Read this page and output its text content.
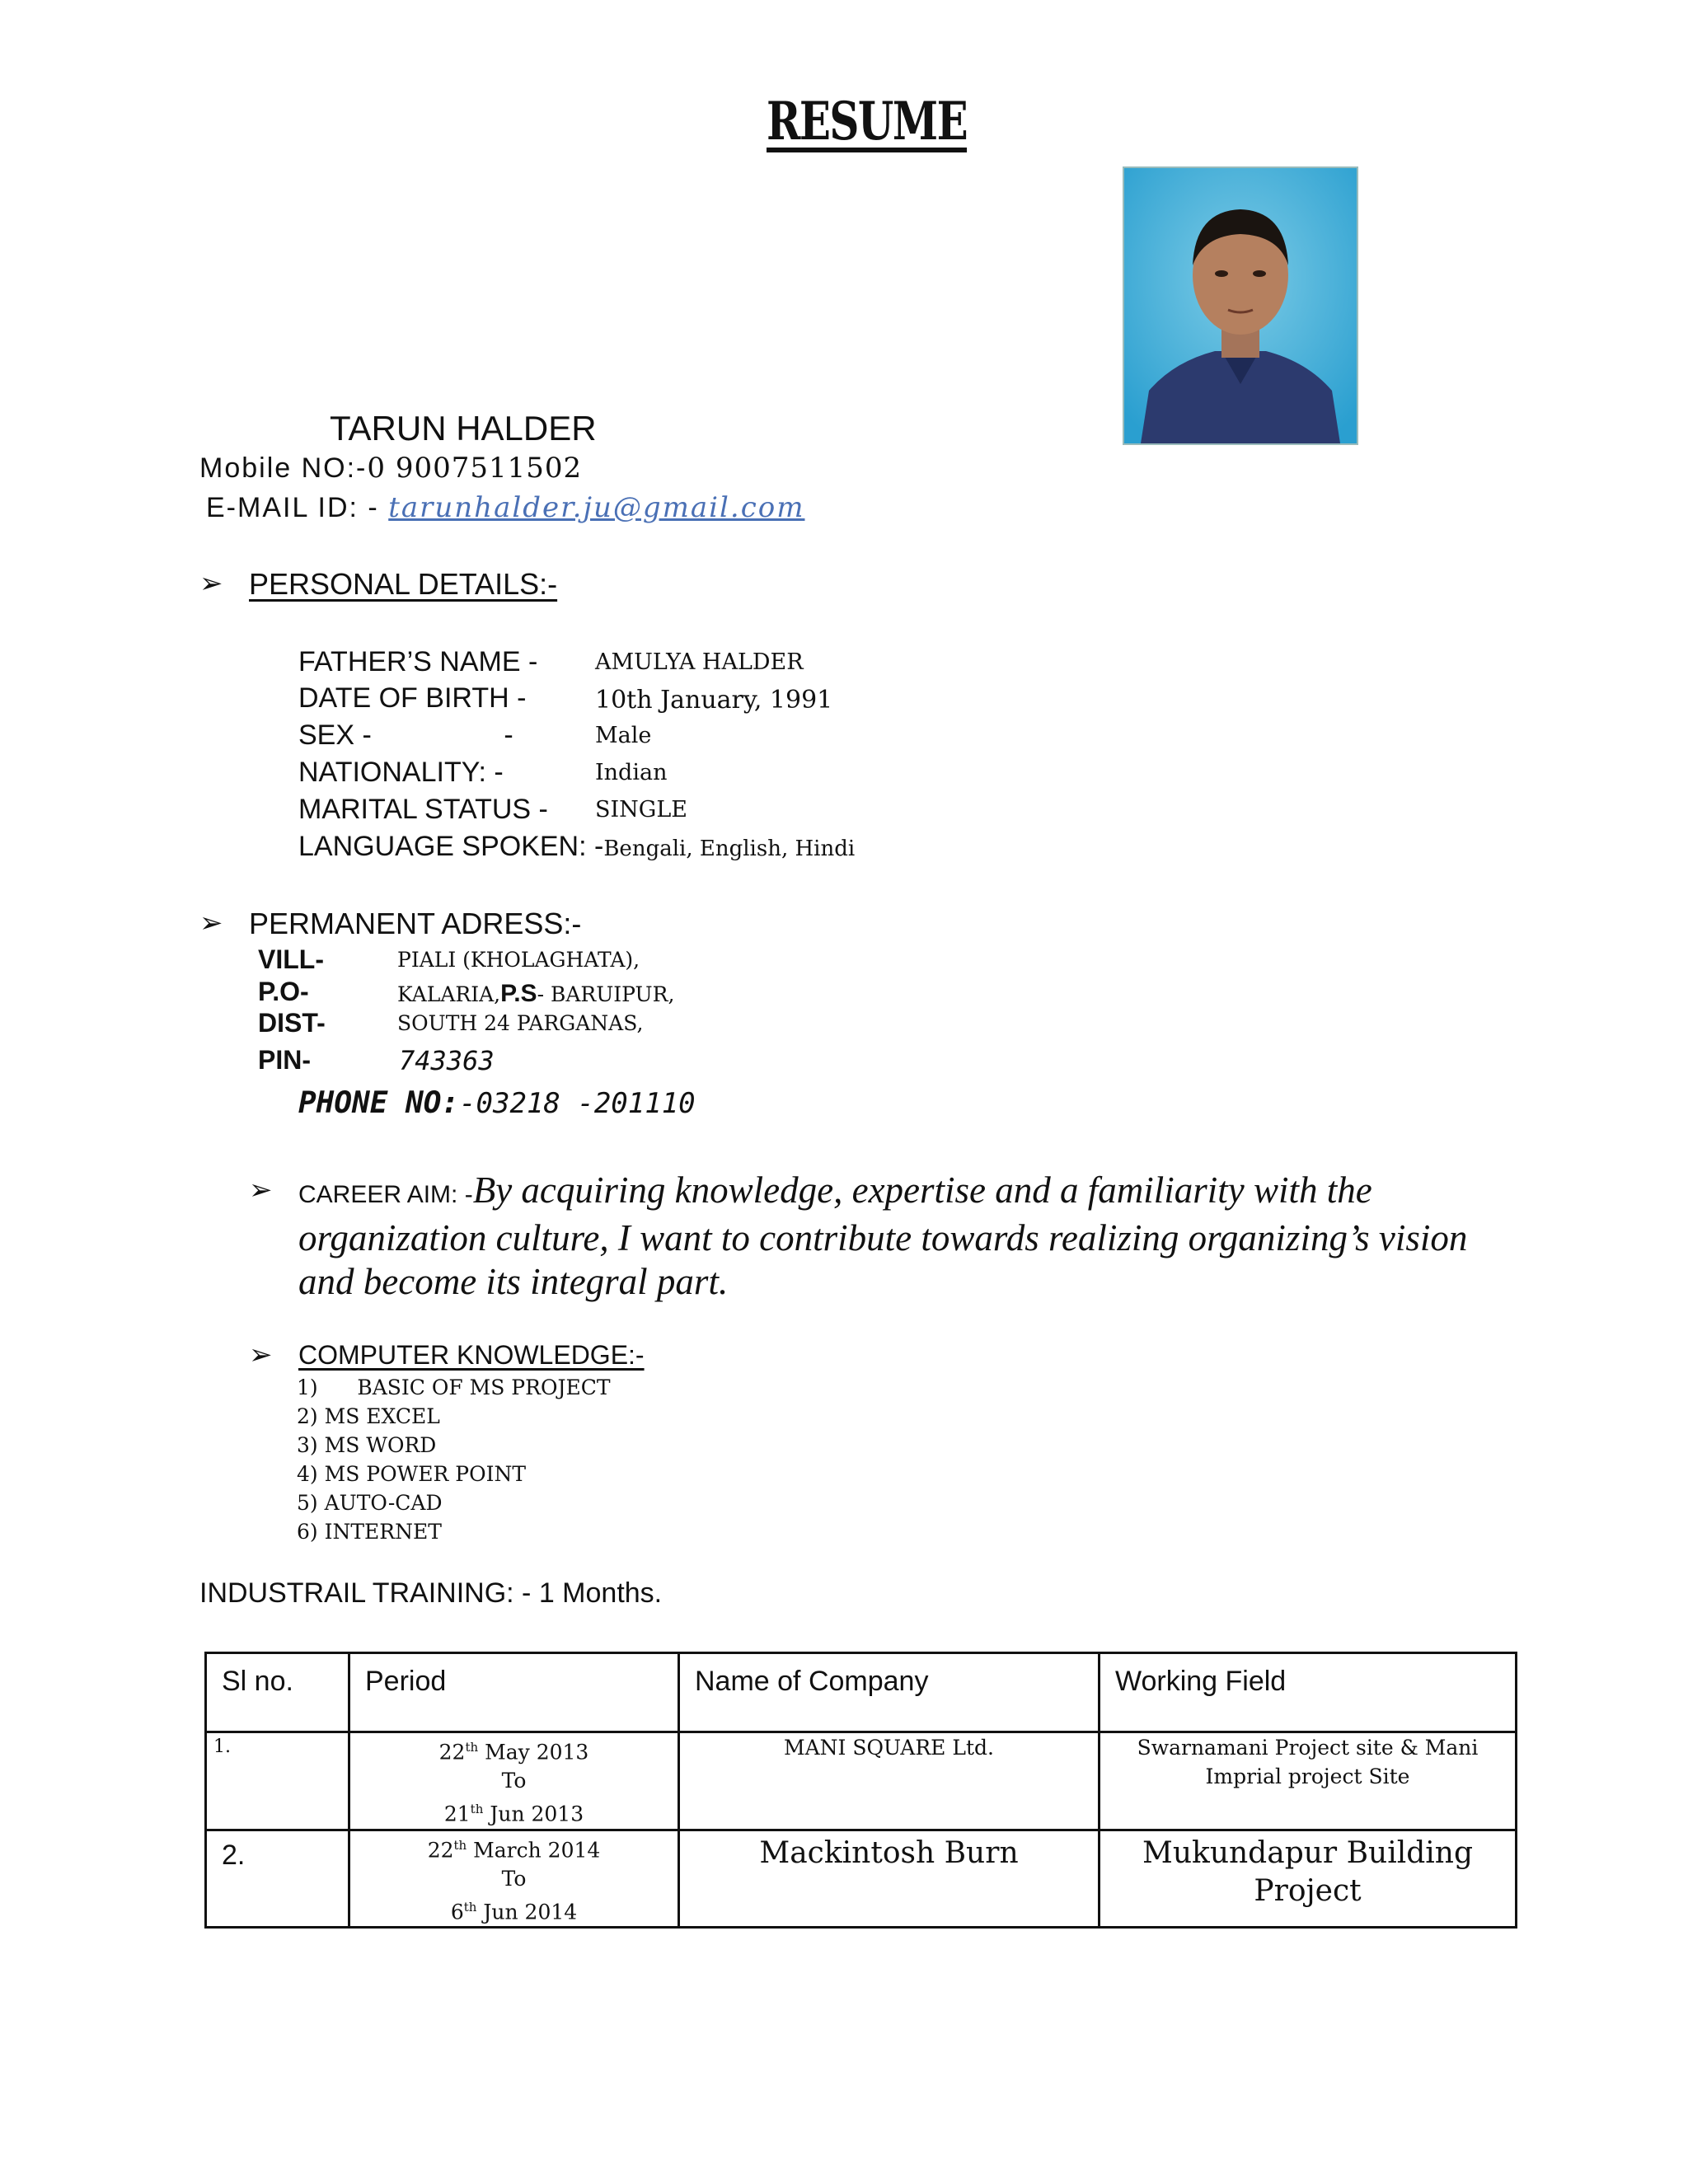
RESUME
TARUN HALDER
Mobile NO:-0 9007511502
E-MAIL ID: - tarunhalder.ju@gmail.com
➢ PERSONAL DETAILS:-
FATHER’S NAME -	AMULYA HALDER
DATE OF BIRTH -	10th January, 1991
SEX -                 -	Male
NATIONALITY: -	Indian
MARITAL STATUS - SINGLE
LANGUAGE SPOKEN: -Bengali, English, Hindi
➢ PERMANENT ADRESS:-
VILL-	PIALI (KHOLAGHATA),
P.O-	KALARIA,P.S- BARUIPUR,
DIST-	SOUTH 24 PARGANAS,
PIN-	743363
PHONE NO:-03218 -201110
➢ CAREER AIM: -By acquiring knowledge, expertise and a familiarity with the organization culture, I want to contribute towards realizing organizing’s vision and become its integral part.
➢ COMPUTER KNOWLEDGE:-
1)      BASIC OF MS PROJECT
2) MS EXCEL
3) MS WORD
4) MS POWER POINT
5) AUTO-CAD
6) INTERNET
INDUSTRAIL TRAINING: - 1 Months.
Sl no.	Period	Name of Company	Working Field
1.	22th May 2013
To
21th Jun 2013	MANI SQUARE Ltd.	Swarnamani Project site & Mani Imprial project Site
2.	22th March 2014
To
6th Jun 2014	Mackintosh Burn	Mukundapur Building Project
